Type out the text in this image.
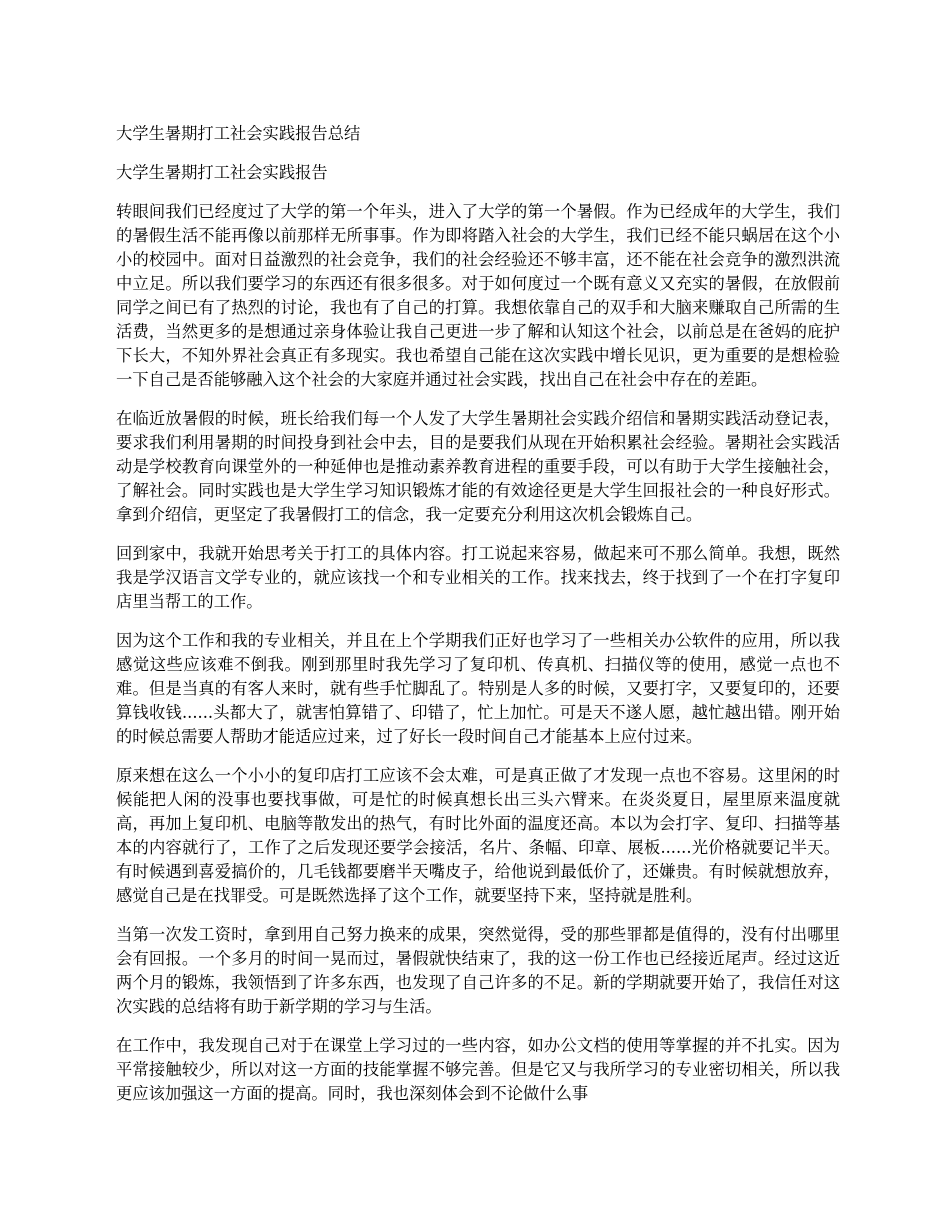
大学生暑期打工社会实践报告总结

大学生暑期打工社会实践报告

转眼间我们已经度过了大学的第一个年头，进入了大学的第一个暑假。作为已经成年的大学生，我们的暑假生活不能再像以前那样无所事事。作为即将踏入社会的大学生，我们已经不能只蜗居在这个小小的校园中。面对日益激烈的社会竞争，我们的社会经验还不够丰富，还不能在社会竞争的激烈洪流中立足。所以我们要学习的东西还有很多很多。对于如何度过一个既有意义又充实的暑假，在放假前同学之间已有了热烈的讨论，我也有了自己的打算。我想依靠自己的双手和大脑来赚取自己所需的生活费，当然更多的是想通过亲身体验让我自己更进一步了解和认知这个社会，以前总是在爸妈的庇护下长大，不知外界社会真正有多现实。我也希望自己能在这次实践中增长见识，更为重要的是想检验一下自己是否能够融入这个社会的大家庭并通过社会实践，找出自己在社会中存在的差距。

在临近放暑假的时候，班长给我们每一个人发了大学生暑期社会实践介绍信和暑期实践活动登记表，要求我们利用暑期的时间投身到社会中去，目的是要我们从现在开始积累社会经验。暑期社会实践活动是学校教育向课堂外的一种延伸也是推动素养教育进程的重要手段，可以有助于大学生接触社会，了解社会。同时实践也是大学生学习知识锻炼才能的有效途径更是大学生回报社会的一种良好形式。拿到介绍信，更坚定了我暑假打工的信念，我一定要充分利用这次机会锻炼自己。

回到家中，我就开始思考关于打工的具体内容。打工说起来容易，做起来可不那么简单。我想，既然我是学汉语言文学专业的，就应该找一个和专业相关的工作。找来找去，终于找到了一个在打字复印店里当帮工的工作。

因为这个工作和我的专业相关，并且在上个学期我们正好也学习了一些相关办公软件的应用，所以我感觉这些应该难不倒我。刚到那里时我先学习了复印机、传真机、扫描仪等的使用，感觉一点也不难。但是当真的有客人来时，就有些手忙脚乱了。特别是人多的时候，又要打字，又要复印的，还要算钱收钱......头都大了，就害怕算错了、印错了，忙上加忙。可是天不遂人愿，越忙越出错。刚开始的时候总需要人帮助才能适应过来，过了好长一段时间自己才能基本上应付过来。

原来想在这么一个小小的复印店打工应该不会太难，可是真正做了才发现一点也不容易。这里闲的时候能把人闲的没事也要找事做，可是忙的时候真想长出三头六臂来。在炎炎夏日，屋里原来温度就高，再加上复印机、电脑等散发出的热气，有时比外面的温度还高。本以为会打字、复印、扫描等基本的内容就行了，工作了之后发现还要学会接活，名片、条幅、印章、展板......光价格就要记半天。有时候遇到喜爱搞价的，几毛钱都要磨半天嘴皮子，给他说到最低价了，还嫌贵。有时候就想放弃，感觉自己是在找罪受。可是既然选择了这个工作，就要坚持下来，坚持就是胜利。

当第一次发工资时，拿到用自己努力换来的成果，突然觉得，受的那些罪都是值得的，没有付出哪里会有回报。一个多月的时间一晃而过，暑假就快结束了，我的这一份工作也已经接近尾声。经过这近两个月的锻炼，我领悟到了许多东西，也发现了自己许多的不足。新的学期就要开始了，我信任对这次实践的总结将有助于新学期的学习与生活。

在工作中，我发现自己对于在课堂上学习过的一些内容，如办公文档的使用等掌握的并不扎实。因为平常接触较少，所以对这一方面的技能掌握不够完善。但是它又与我所学习的专业密切相关，所以我更应该加强这一方面的提高。同时，我也深刻体会到不论做什么事
